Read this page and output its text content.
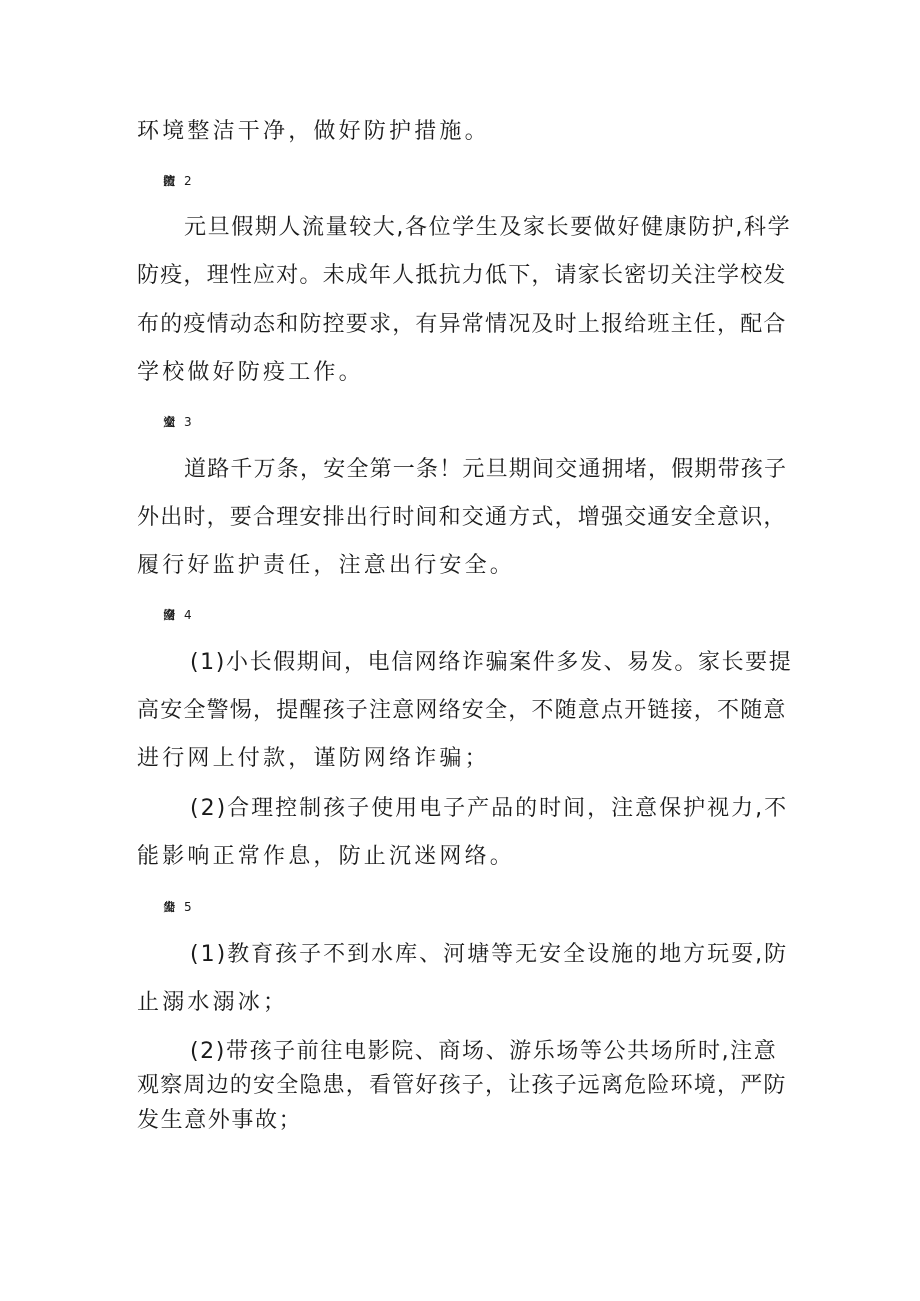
环境整洁干净，做好防护措施。
元旦假期人流量较大,各位学生及家长要做好健康防护,科学
防疫，理性应对。未成年人抵抗力低下，请家长密切关注学校发
布的疫情动态和防控要求，有异常情况及时上报给班主任，配合
学校做好防疫工作。
道路千万条，安全第一条！元旦期间交通拥堵，假期带孩子
外出时，要合理安排出行时间和交通方式，增强交通安全意识，
履行好监护责任，注意出行安全。
(1)小长假期间，电信网络诈骗案件多发、易发。家长要提
高安全警惕，提醒孩子注意网络安全，不随意点开链接，不随意
进行网上付款，谨防网络诈骗；
(2)合理控制孩子使用电子产品的时间，注意保护视力,不
能影响正常作息，防止沉迷网络。
(1)教育孩子不到水库、河塘等无安全设施的地方玩耍,防
止溺水溺冰；
(2)带孩子前往电影院、商场、游乐场等公共场所时,注意
观察周边的安全隐患，看管好孩子，让孩子远离危险环境，严防
发生意外事故；
